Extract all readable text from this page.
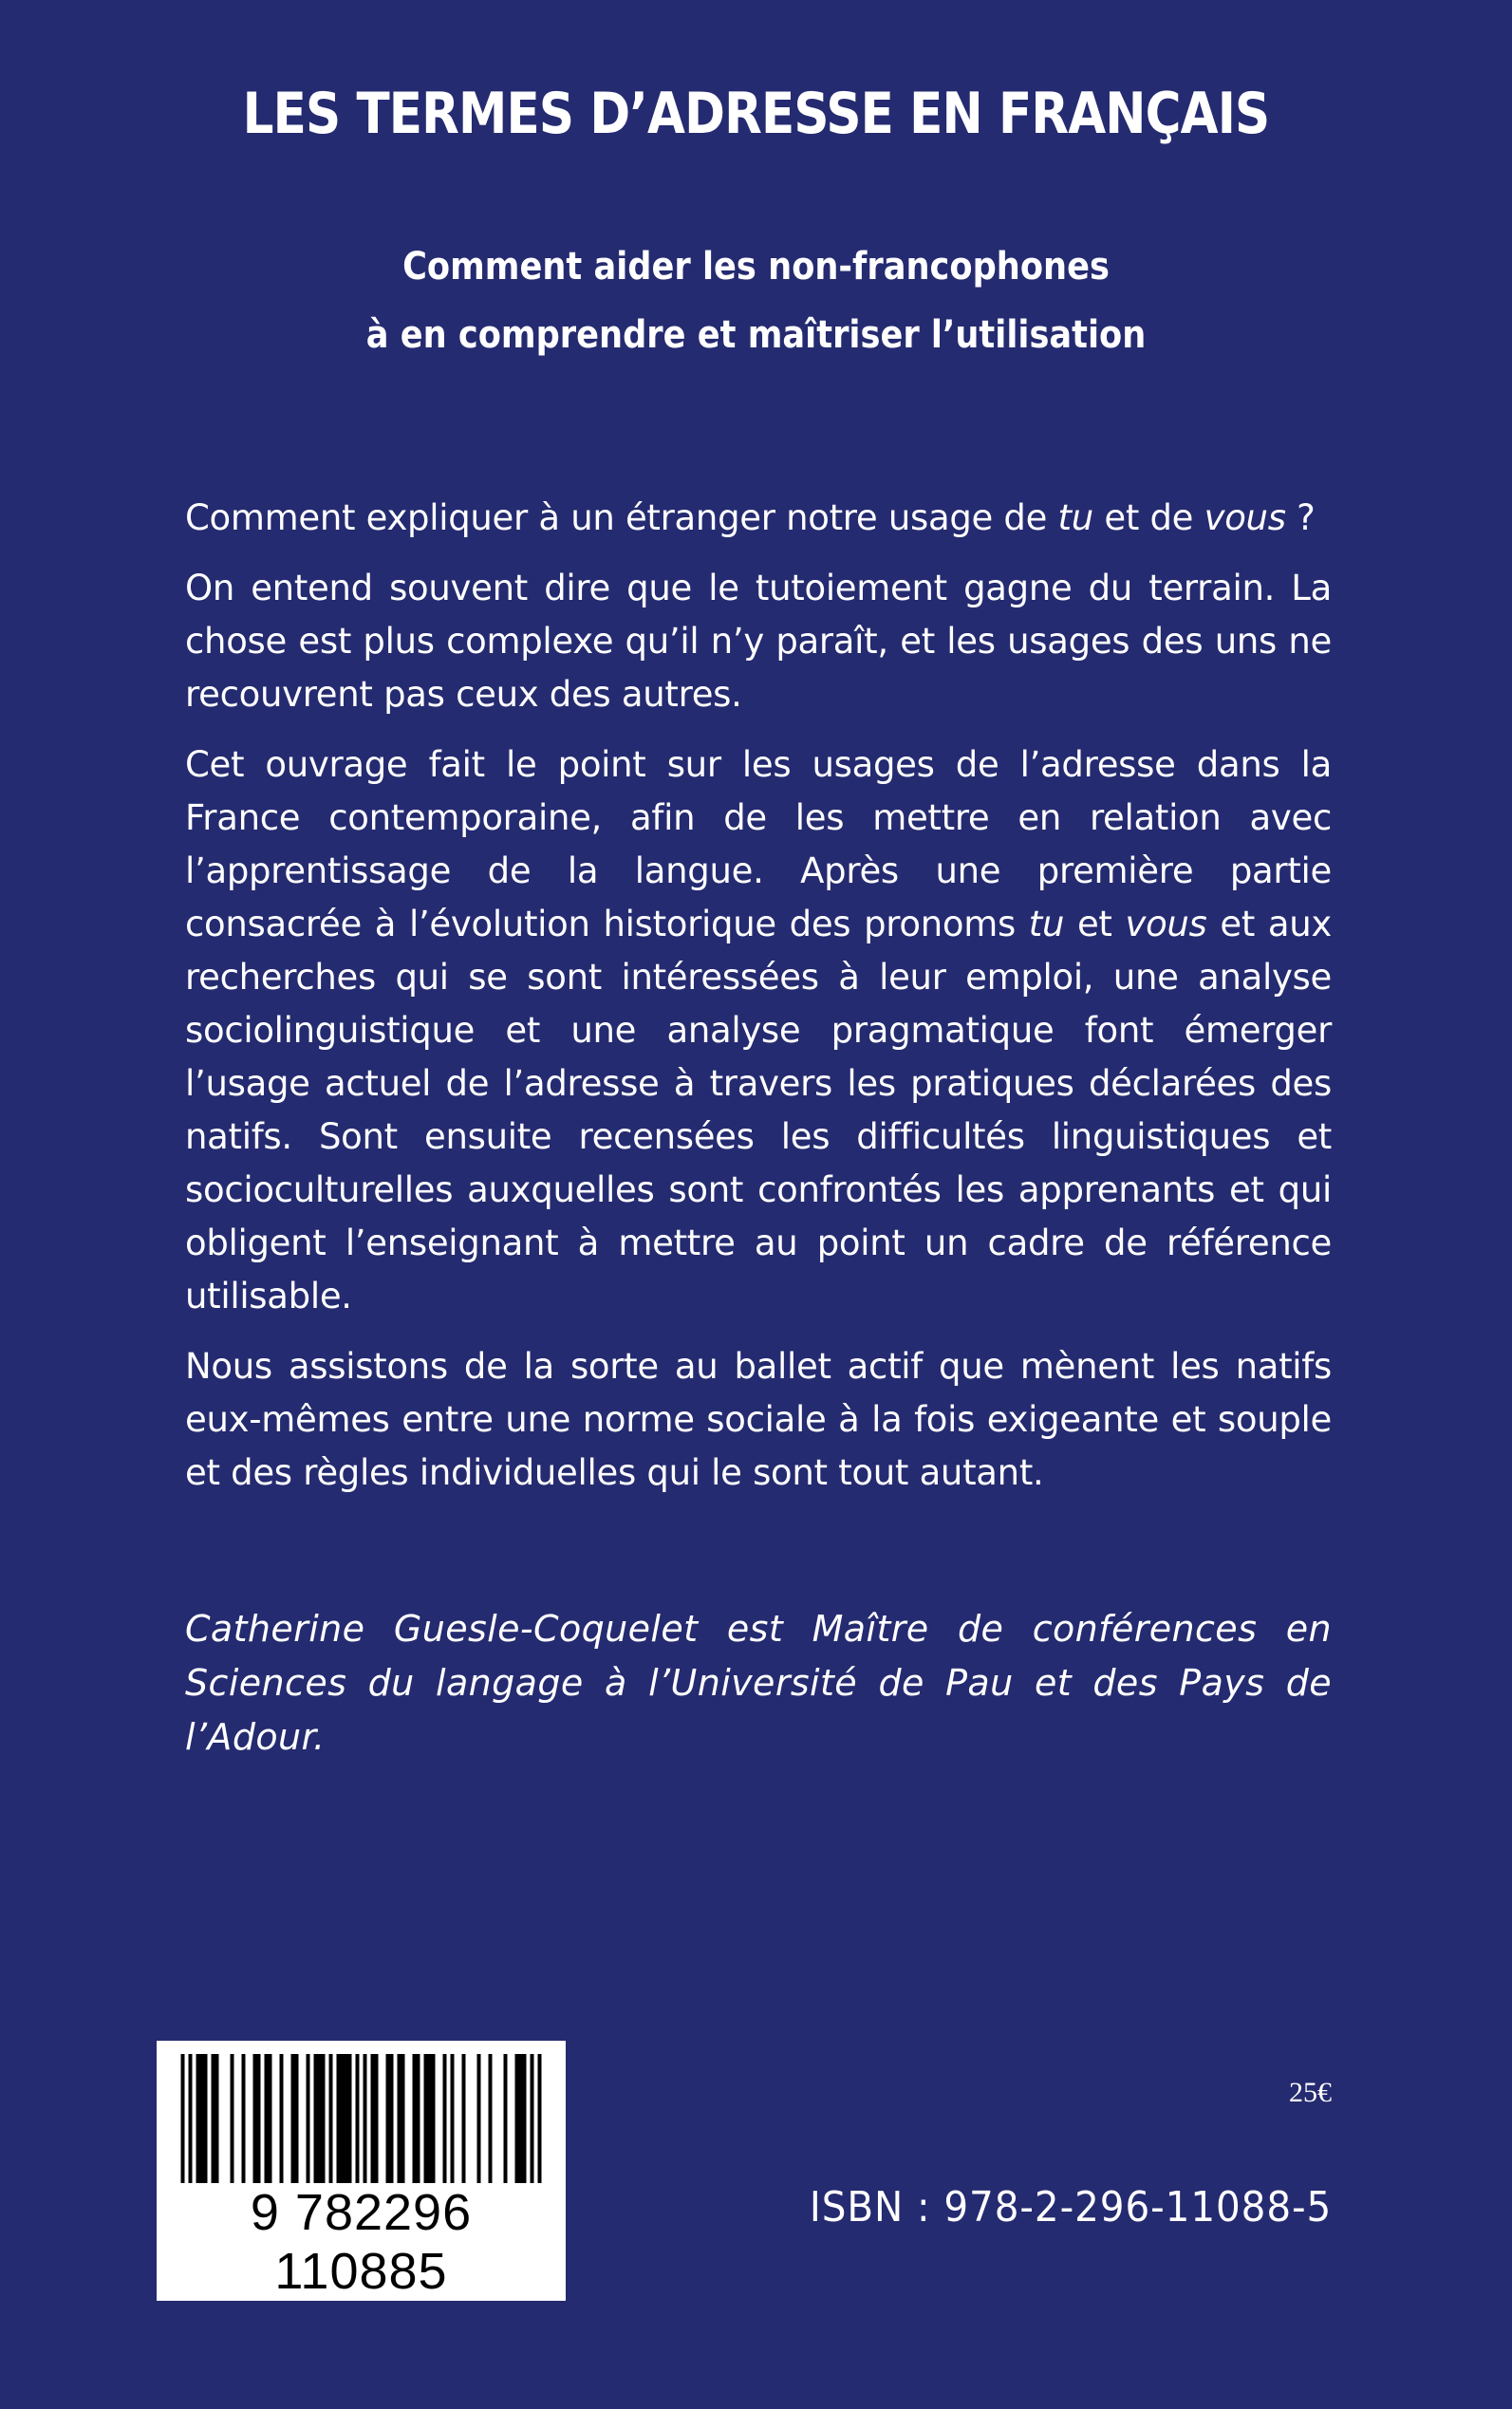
LES TERMES D’ADRESSE EN FRANÇAIS
Comment aider les non-francophones
à en comprendre et maîtriser l’utilisation

Comment expliquer à un étranger notre usage de tu et de vous ?

On entend souvent dire que le tutoiement gagne du terrain. La chose est plus complexe qu’il n’y paraît, et les usages des uns ne recouvrent pas ceux des autres.

Cet ouvrage fait le point sur les usages de l’adresse dans la France contemporaine, afin de les mettre en relation avec l’apprentissage de la langue. Après une première partie consacrée à l’évolution historique des pronoms tu et vous et aux recherches qui se sont intéressées à leur emploi, une analyse sociolinguistique et une analyse pragmatique font émerger l’usage actuel de l’adresse à travers les pratiques déclarées des natifs. Sont ensuite recensées les difficultés linguistiques et socioculturelles auxquelles sont confrontés les apprenants et qui obligent l’enseignant à mettre au point un cadre de référence utilisable.

Nous assistons de la sorte au ballet actif que mènent les natifs eux-mêmes entre une norme sociale à la fois exigeante et souple et des règles individuelles qui le sont tout autant.

Catherine Guesle-Coquelet est Maître de conférences en Sciences du langage à l’Université de Pau et des Pays de l’Adour.
9 782296 110885
25€
ISBN : 978-2-296-11088-5
